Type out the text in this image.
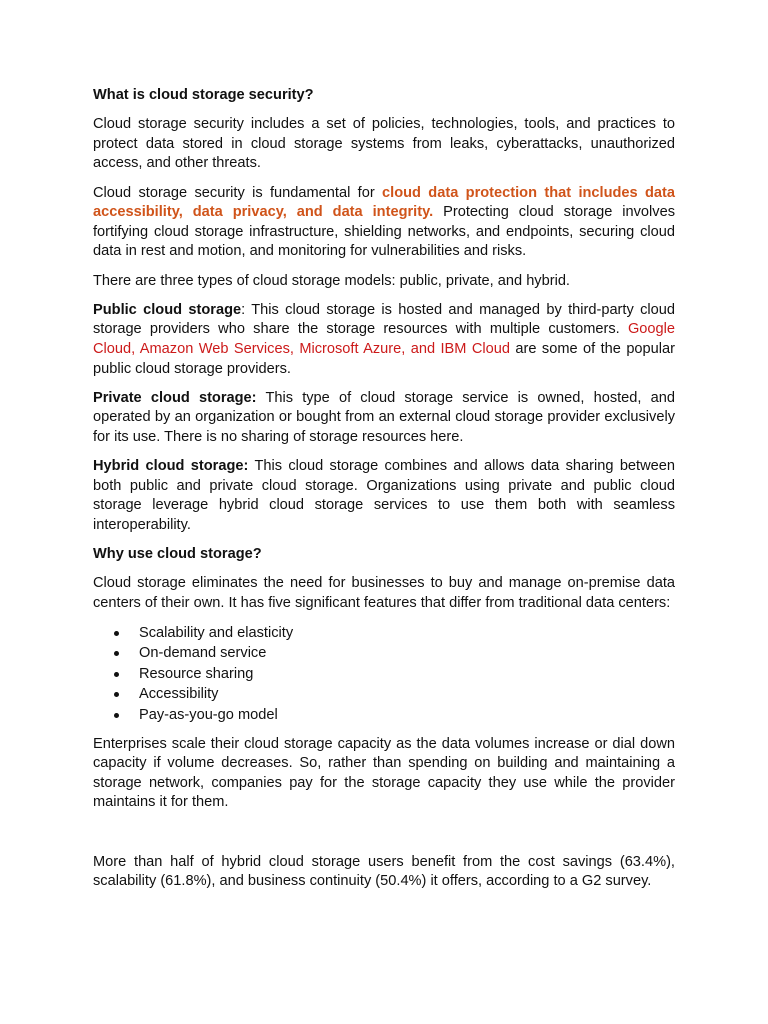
What is cloud storage security?

Cloud storage security includes a set of policies, technologies, tools, and practices to protect data stored in cloud storage systems from leaks, cyberattacks, unauthorized access, and other threats.

Cloud storage security is fundamental for cloud data protection that includes data accessibility, data privacy, and data integrity. Protecting cloud storage involves fortifying cloud storage infrastructure, shielding networks, and endpoints, securing cloud data in rest and motion, and monitoring for vulnerabilities and risks.

There are three types of cloud storage models: public, private, and hybrid.

Public cloud storage: This cloud storage is hosted and managed by third-party cloud storage providers who share the storage resources with multiple customers. Google Cloud, Amazon Web Services, Microsoft Azure, and IBM Cloud are some of the popular public cloud storage providers.

Private cloud storage: This type of cloud storage service is owned, hosted, and operated by an organization or bought from an external cloud storage provider exclusively for its use. There is no sharing of storage resources here.

Hybrid cloud storage: This cloud storage combines and allows data sharing between both public and private cloud storage. Organizations using private and public cloud storage leverage hybrid cloud storage services to use them both with seamless interoperability.

Why use cloud storage?

Cloud storage eliminates the need for businesses to buy and manage on-premise data centers of their own. It has five significant features that differ from traditional data centers:

Scalability and elasticity
On-demand service
Resource sharing
Accessibility
Pay-as-you-go model

Enterprises scale their cloud storage capacity as the data volumes increase or dial down capacity if volume decreases. So, rather than spending on building and maintaining a storage network, companies pay for the storage capacity they use while the provider maintains it for them.

More than half of hybrid cloud storage users benefit from the cost savings (63.4%), scalability (61.8%), and business continuity (50.4%) it offers, according to a G2 survey.
